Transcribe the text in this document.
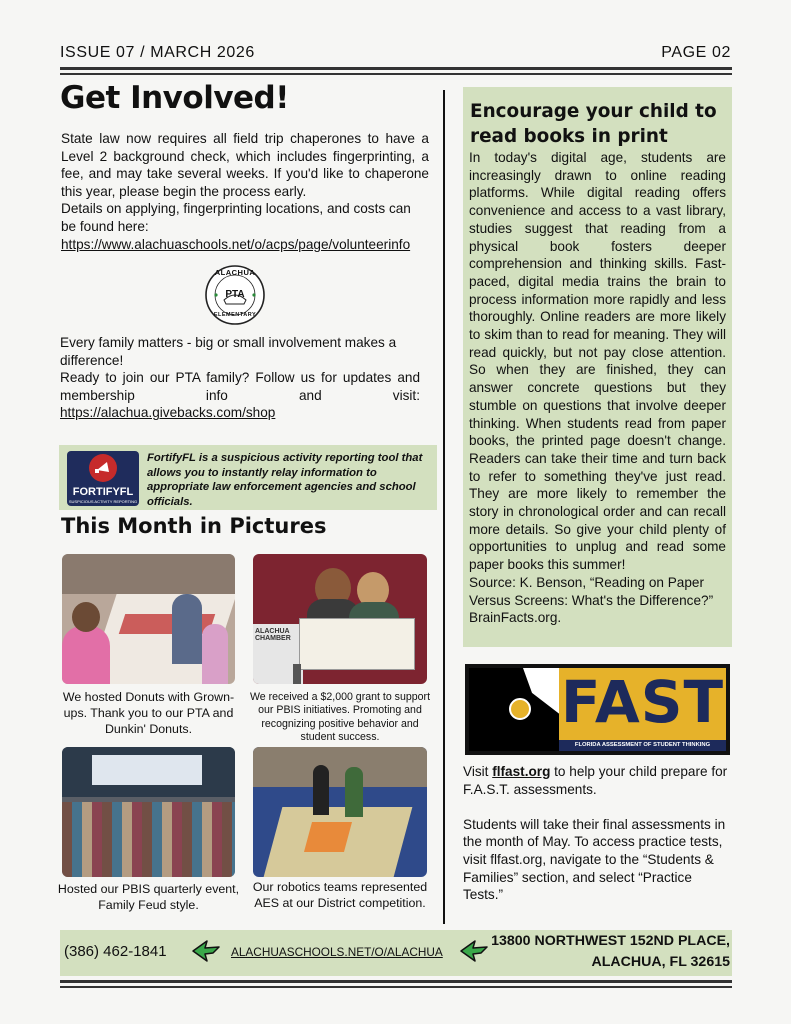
ISSUE 07 / MARCH 2026	PAGE 02
Get Involved!

State law now requires all field trip chaperones to have a Level 2 background check, which includes fingerprinting, a fee, and may take several weeks. If you'd like to chaperone this year, please begin the process early.

Details on applying, fingerprinting locations, and costs can be found here:

https://www.alachuaschools.net/o/acps/page/volunteerinfo
ALACHUA
PTA
ELEMENTARY

Every family matters - big or small involvement makes a difference!

Ready to join our PTA family? Follow us for updates and membership info and visit:

https://alachua.givebacks.com/shop
FORTIFYFL
SUSPICIOUS ACTIVITY REPORTING
FortifyFL is a suspicious activity reporting tool that allows you to instantly relay information to appropriate law enforcement agencies and school officials.
This Month in Pictures
We hosted Donuts with Grown-ups. Thank you to our PTA and Dunkin' Donuts.
ALACHUA CHAMBER
We received a $2,000 grant to support our PBIS initiatives. Promoting and recognizing positive behavior and student success.
Hosted our PBIS quarterly event, Family Feud style.
Our robotics teams represented AES at our District competition.
Encourage your child to read books in print

In today's digital age, students are increasingly drawn to online reading platforms. While digital reading offers convenience and access to a vast library, studies suggest that reading from a physical book fosters deeper comprehension and thinking skills. Fast-paced, digital media trains the brain to process information more rapidly and less thoroughly. Online readers are more likely to skim than to read for meaning. They will read quickly, but not pay close attention. So when they are finished, they can answer concrete questions but they stumble on questions that involve deeper thinking. When students read from paper books, the printed page doesn't change. Readers can take their time and turn back to refer to something they've just read. They are more likely to remember the story in chronological order and can recall more details. So give your child plenty of opportunities to unplug and read some paper books this summer!

Source: K. Benson, “Reading on Paper Versus Screens: What's the Difference?” BrainFacts.org.

FAST
FLORIDA ASSESSMENT OF STUDENT THINKING

Visit flfast.org to help your child prepare for F.A.S.T. assessments.

Students will take their final assessments in the month of May. To access practice tests, visit flfast.org, navigate to the “Students & Families” section, and select “Practice Tests.”

(386) 462-1841	ALACHUASCHOOLS.NET/O/ALACHUA
13800 NORTHWEST 152ND PLACE,
ALACHUA, FL 32615
